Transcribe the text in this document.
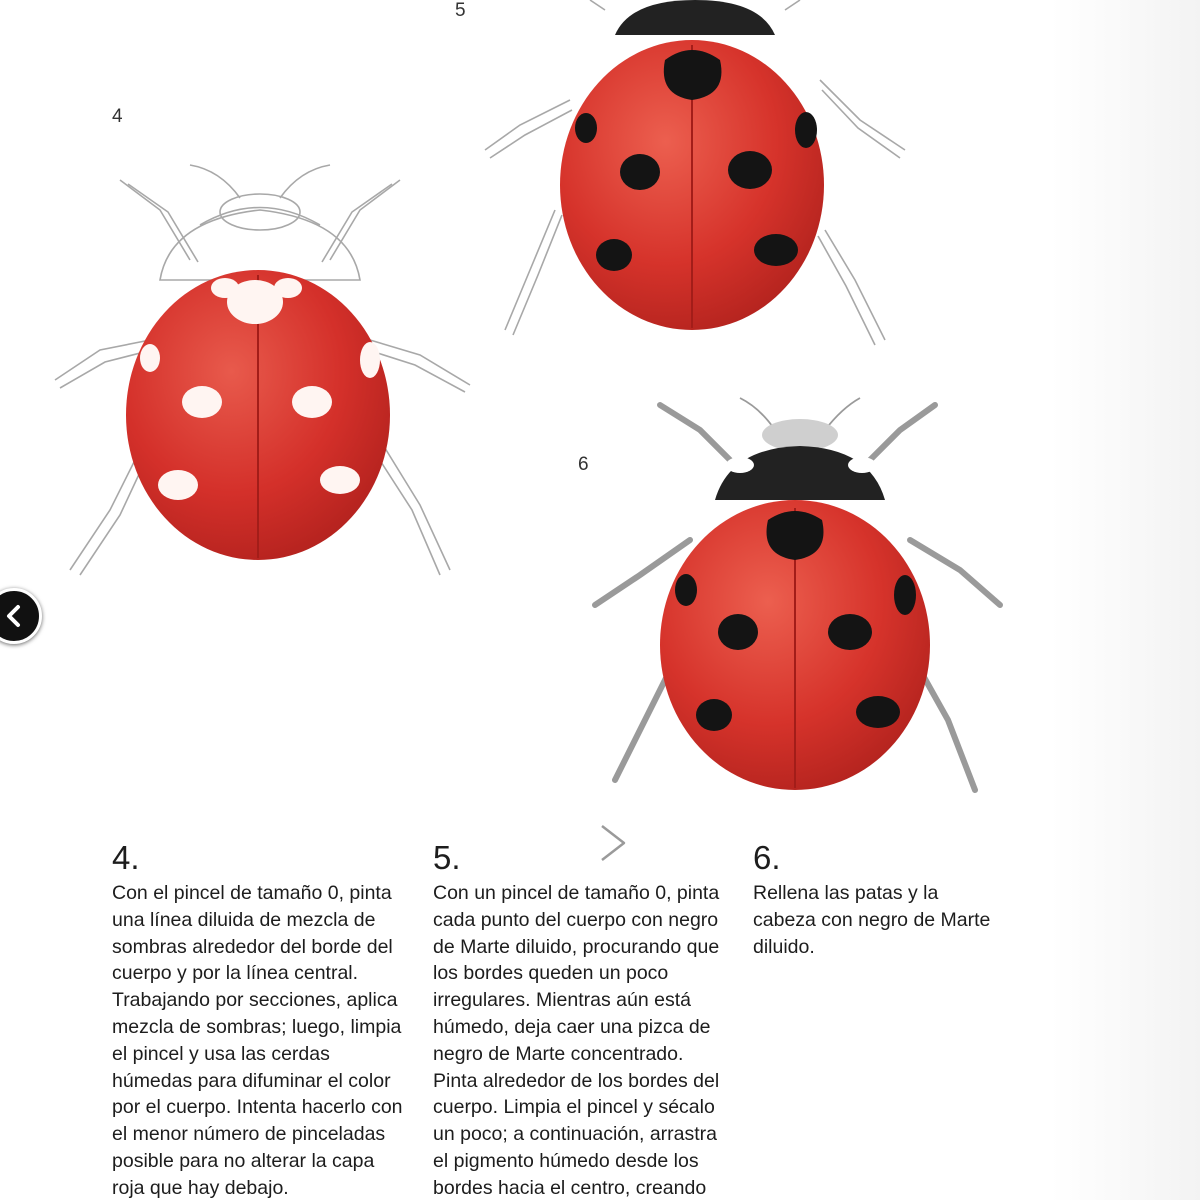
4
5
6
4.

Con el pincel de tamaño 0, pinta una línea diluida de mezcla de sombras alrededor del borde del cuerpo y por la línea central. Trabajando por secciones, aplica mezcla de sombras; luego, limpia el pincel y usa las cerdas húmedas para difuminar el color por el cuerpo. Intenta hacerlo con el menor número de pinceladas posible para no alterar la capa roja que hay debajo.

5.

Con un pincel de tamaño 0, pinta cada punto del cuerpo con negro de Marte diluido, procurando que los bordes queden un poco irregulares. Mientras aún está húmedo, deja caer una pizca de negro de Marte concentrado. Pinta alrededor de los bordes del cuerpo. Limpia el pincel y sécalo un poco; a continuación, arrastra el pigmento húmedo desde los bordes hacia el centro, creando

6.

Rellena las patas y la cabeza con negro de Marte diluido.
